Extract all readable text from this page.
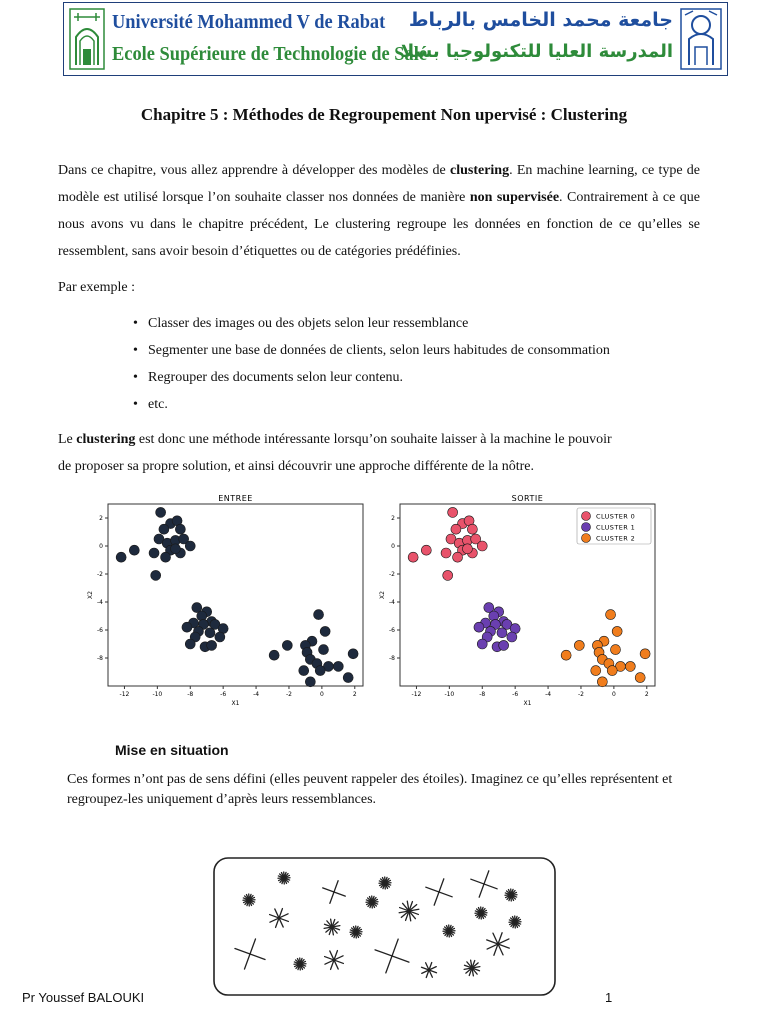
Université Mohammed V de Rabat
Ecole Supérieure de Technologie de Salé
جامعة محمد الخامس بالرباط
المدرسة العليا للتكنولوجيا بسلا
Chapitre 5 : Méthodes de Regroupement Non upervisé : Clustering
Dans ce chapitre, vous allez apprendre à développer des modèles de clustering. En machine learning, ce type de modèle est utilisé lorsque l’on souhaite classer nos données de manière non supervisée. Contrairement à ce que nous avons vu dans le chapitre précédent, Le clustering regroupe les données en fonction de ce qu’elles se ressemblent, sans avoir besoin d’étiquettes ou de catégories prédéfinies.
Par exemple :
• Classer des images ou des objets selon leur ressemblance
• Segmenter une base de données de clients, selon leurs habitudes de consommation
• Regrouper des documents selon leur contenu.
• etc.
Le clustering est donc une méthode intéressante lorsqu’on souhaite laisser à la machine le pouvoir
de proposer sa propre solution, et ainsi découvrir une approche différente de la nôtre.
ENTREE
-12	-10	-8	-6	-4	-2	0	2
2
0
-2
-4
-6
-8
X1
X2
SORTIE
-12	-10	-8	-6	-4	-2	0	2
2
0
-2
-4
-6
-8
X1
X2
CLUSTER 0
CLUSTER 1
CLUSTER 2
Mise en situation
Ces formes n’ont pas de sens défini (elles peuvent rappeler des étoiles). Imaginez ce qu’elles représentent et
regroupez-les uniquement d’après leurs ressemblances.
Pr Youssef BALOUKI	1
